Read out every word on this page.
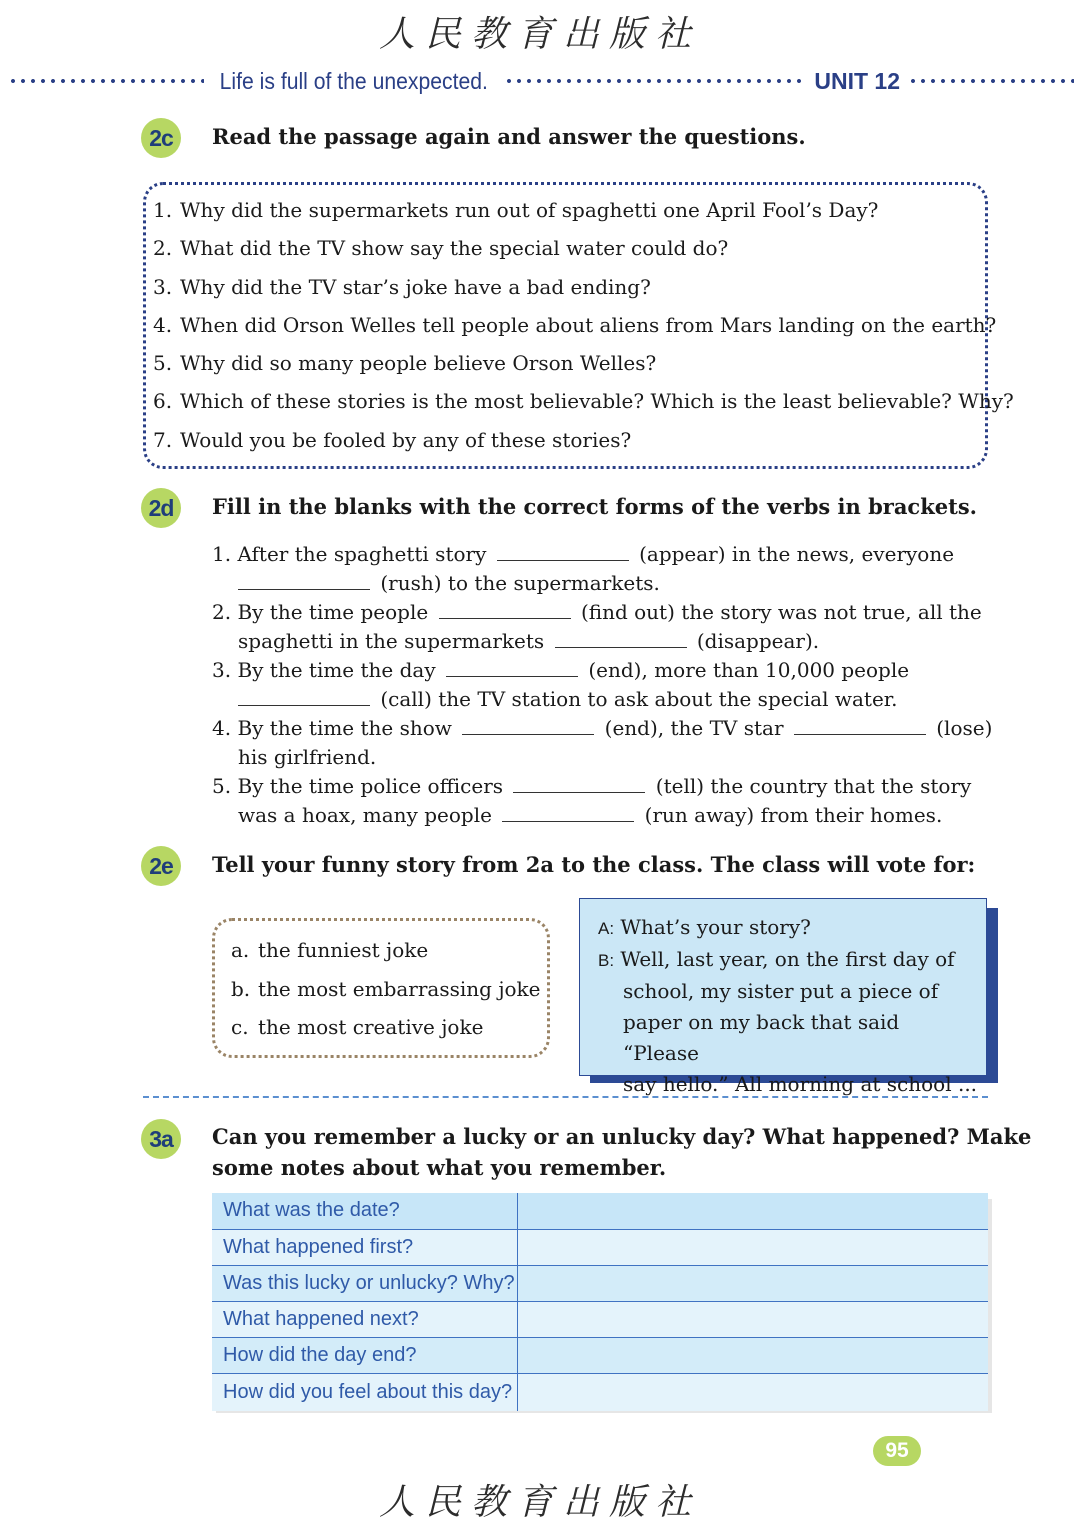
人民教育出版社
Life is full of the unexpected.	UNIT 12
2c	Read the passage again and answer the questions.
1. Why did the supermarkets run out of spaghetti one April Fool’s Day?
2. What did the TV show say the special water could do?
3. Why did the TV star’s joke have a bad ending?
4. When did Orson Welles tell people about aliens from Mars landing on the earth?
5. Why did so many people believe Orson Welles?
6. Which of these stories is the most believable? Which is the least believable? Why?
7. Would you be fooled by any of these stories?
2d	Fill in the blanks with the correct forms of the verbs in brackets.
1. After the spaghetti story	(appear) in the news, everyone
(rush) to the supermarkets.
2. By the time people	(find out) the story was not true, all the
spaghetti in the supermarkets	(disappear).
3. By the time the day	(end), more than 10,000 people
(call) the TV station to ask about the special water.
4. By the time the show	(end), the TV star	(lose)
his girlfriend.
5. By the time police officers	(tell) the country that the story
was a hoax, many people	(run away) from their homes.
2e	Tell your funny story from 2a to the class. The class will vote for:
a. the funniest joke
b. the most embarrassing joke
c. the most creative joke
A: What’s your story?
B: Well, last year, on the first day of
school, my sister put a piece of
paper on my back that said “Please
say hello.” All morning at school ...
3a	Can you remember a lucky or an unlucky day? What happened? Make
some notes about what you remember.
What was the date?	
What happened first?	
Was this lucky or unlucky? Why?	
What happened next?	
How did the day end?	
How did you feel about this day?	
95
人民教育出版社
